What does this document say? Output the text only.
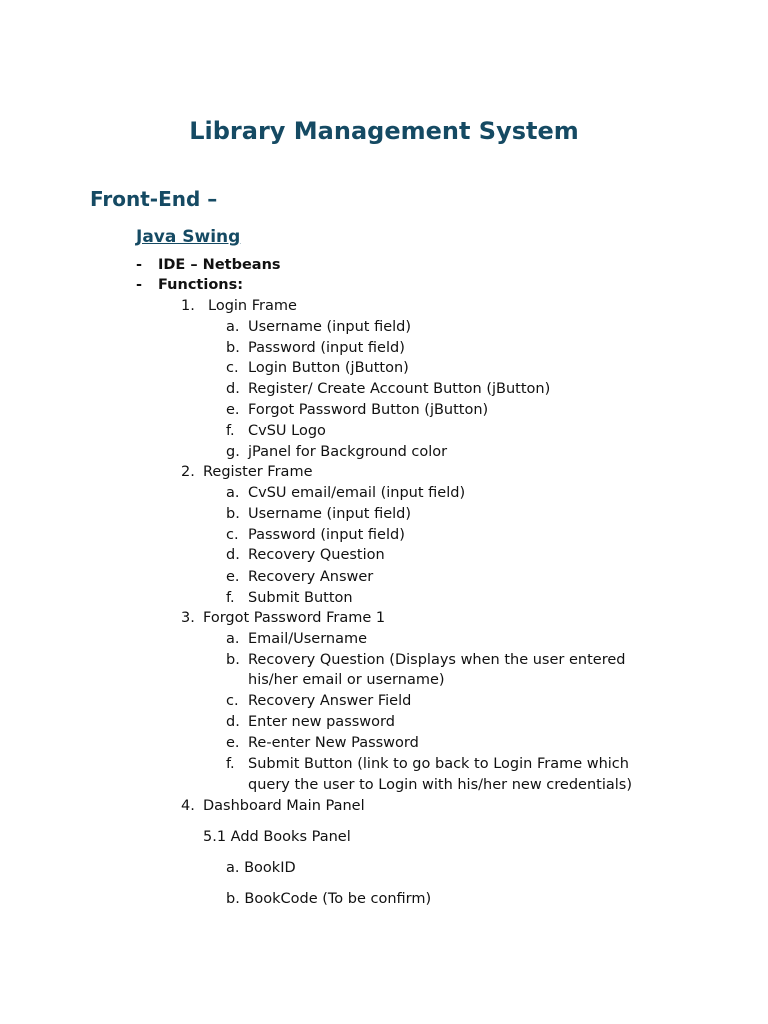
Library Management System
Front-End –
Java Swing
- IDE – Netbeans
- Functions:
1. Login Frame
a. Username (input field)
b. Password (input field)
c. Login Button (jButton)
d. Register/ Create Account Button (jButton)
e. Forgot Password Button (jButton)
f. CvSU Logo
g. jPanel for Background color
2. Register Frame
a. CvSU email/email (input field)
b. Username (input field)
c. Password (input field)
d. Recovery Question
e. Recovery Answer
f. Submit Button
3. Forgot Password Frame 1
a. Email/Username
b. Recovery Question (Displays when the user entered
his/her email or username)
c. Recovery Answer Field
d. Enter new password
e. Re-enter New Password
f. Submit Button (link to go back to Login Frame which
query the user to Login with his/her new credentials)
4. Dashboard Main Panel
5.1 Add Books Panel
a. BookID
b. BookCode (To be confirm)
